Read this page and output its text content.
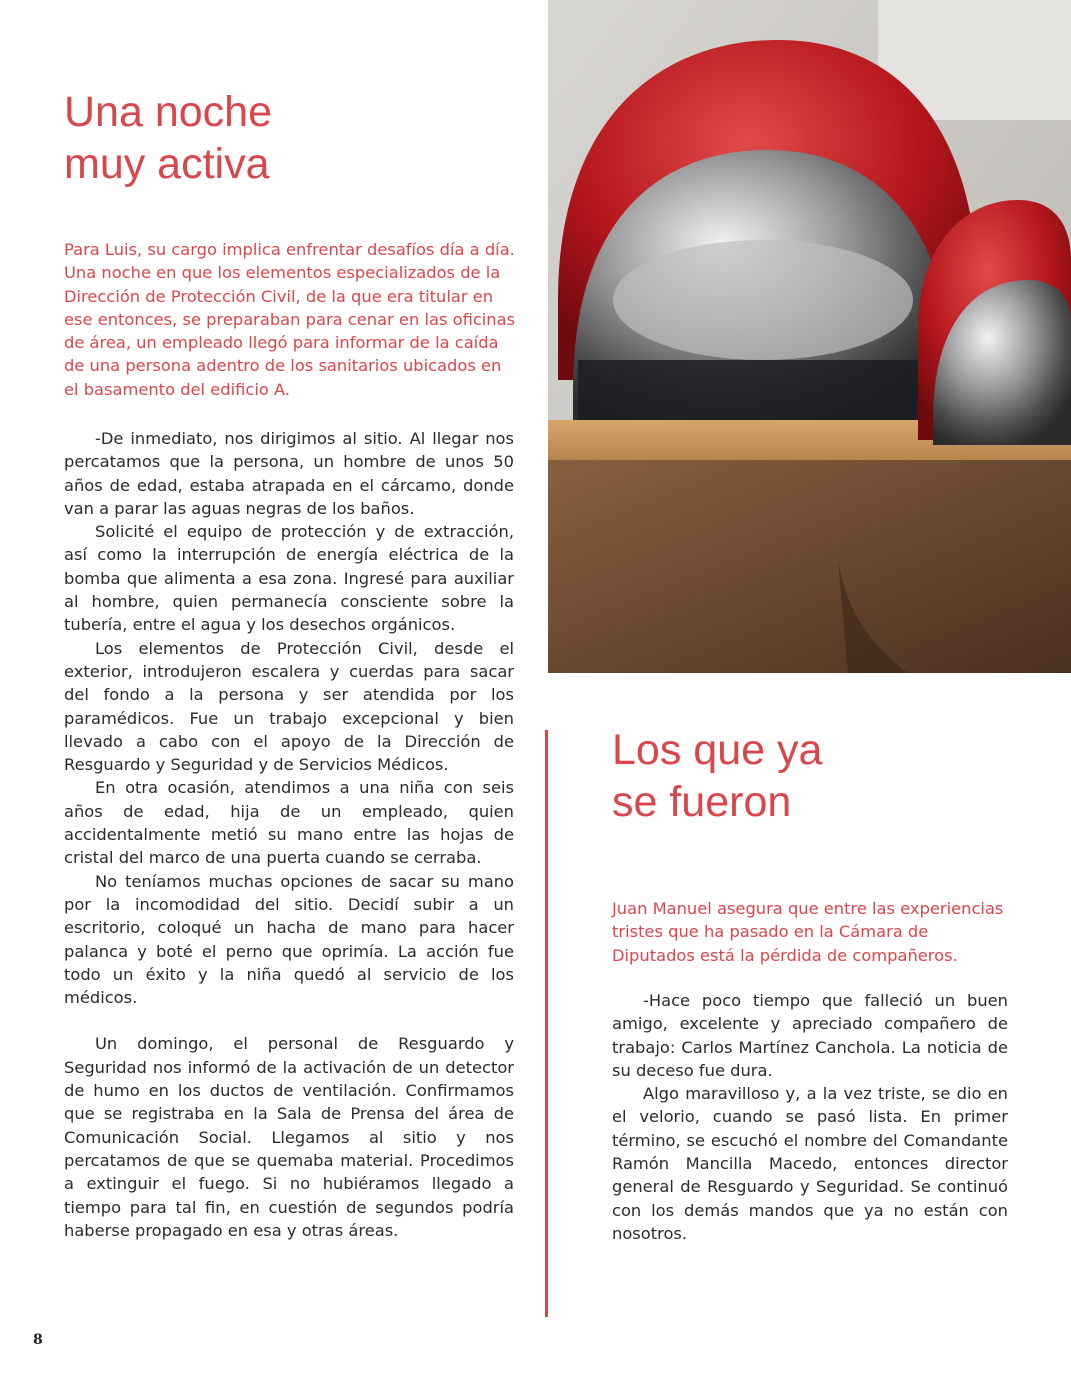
Una noche
muy activa

Para Luis, su cargo implica enfrentar desafíos día a día. Una noche en que los elementos especializados de la Dirección de Protección Civil, de la que era titular en ese entonces, se preparaban para cenar en las oficinas de área, un empleado llegó para informar de la caída de una persona adentro de los sanitarios ubicados en el basamento del edificio A.

-De inmediato, nos dirigimos al sitio. Al llegar nos percatamos que la persona, un hombre de unos 50 años de edad, estaba atrapada en el cárcamo, donde van a parar las aguas negras de los baños.

Solicité el equipo de protección y de extracción, así como la interrupción de energía eléctrica de la bomba que alimenta a esa zona. Ingresé para auxiliar al hombre, quien permanecía consciente sobre la tubería, entre el agua y los desechos orgánicos.

Los elementos de Protección Civil, desde el exterior, introdujeron escalera y cuerdas para sacar del fondo a la persona y ser atendida por los paramédicos. Fue un trabajo excepcional y bien llevado a cabo con el apoyo de la Dirección de Resguardo y Seguridad y de Servicios Médicos.

En otra ocasión, atendimos a una niña con seis años de edad, hija de un empleado, quien accidentalmente metió su mano entre las hojas de cristal del marco de una puerta cuando se cerraba.

No teníamos muchas opciones de sacar su mano por la incomodidad del sitio. Decidí subir a un escritorio, coloqué un hacha de mano para hacer palanca y boté el perno que oprimía. La acción fue todo un éxito y la niña quedó al servicio de los médicos.

Un domingo, el personal de Resguardo y Seguridad nos informó de la activación de un detector de humo en los ductos de ventilación. Confirmamos que se registraba en la Sala de Prensa del área de Comunicación Social. Llegamos al sitio y nos percatamos de que se quemaba material. Procedimos a extinguir el fuego. Si no hubiéramos llegado a tiempo para tal fin, en cuestión de segundos podría haberse propagado en esa y otras áreas.

Los que ya
se fueron

Juan Manuel asegura que entre las experiencias tristes que ha pasado en la Cámara de Diputados está la pérdida de compañeros.

-Hace poco tiempo que falleció un buen amigo, excelente y apreciado compañero de trabajo: Carlos Martínez Canchola. La noticia de su deceso fue dura.

Algo maravilloso y, a la vez triste, se dio en el velorio, cuando se pasó lista. En primer término, se escuchó el nombre del Comandante Ramón Mancilla Macedo, entonces director general de Resguardo y Seguridad. Se continuó con los demás mandos que ya no están con nosotros.

8
